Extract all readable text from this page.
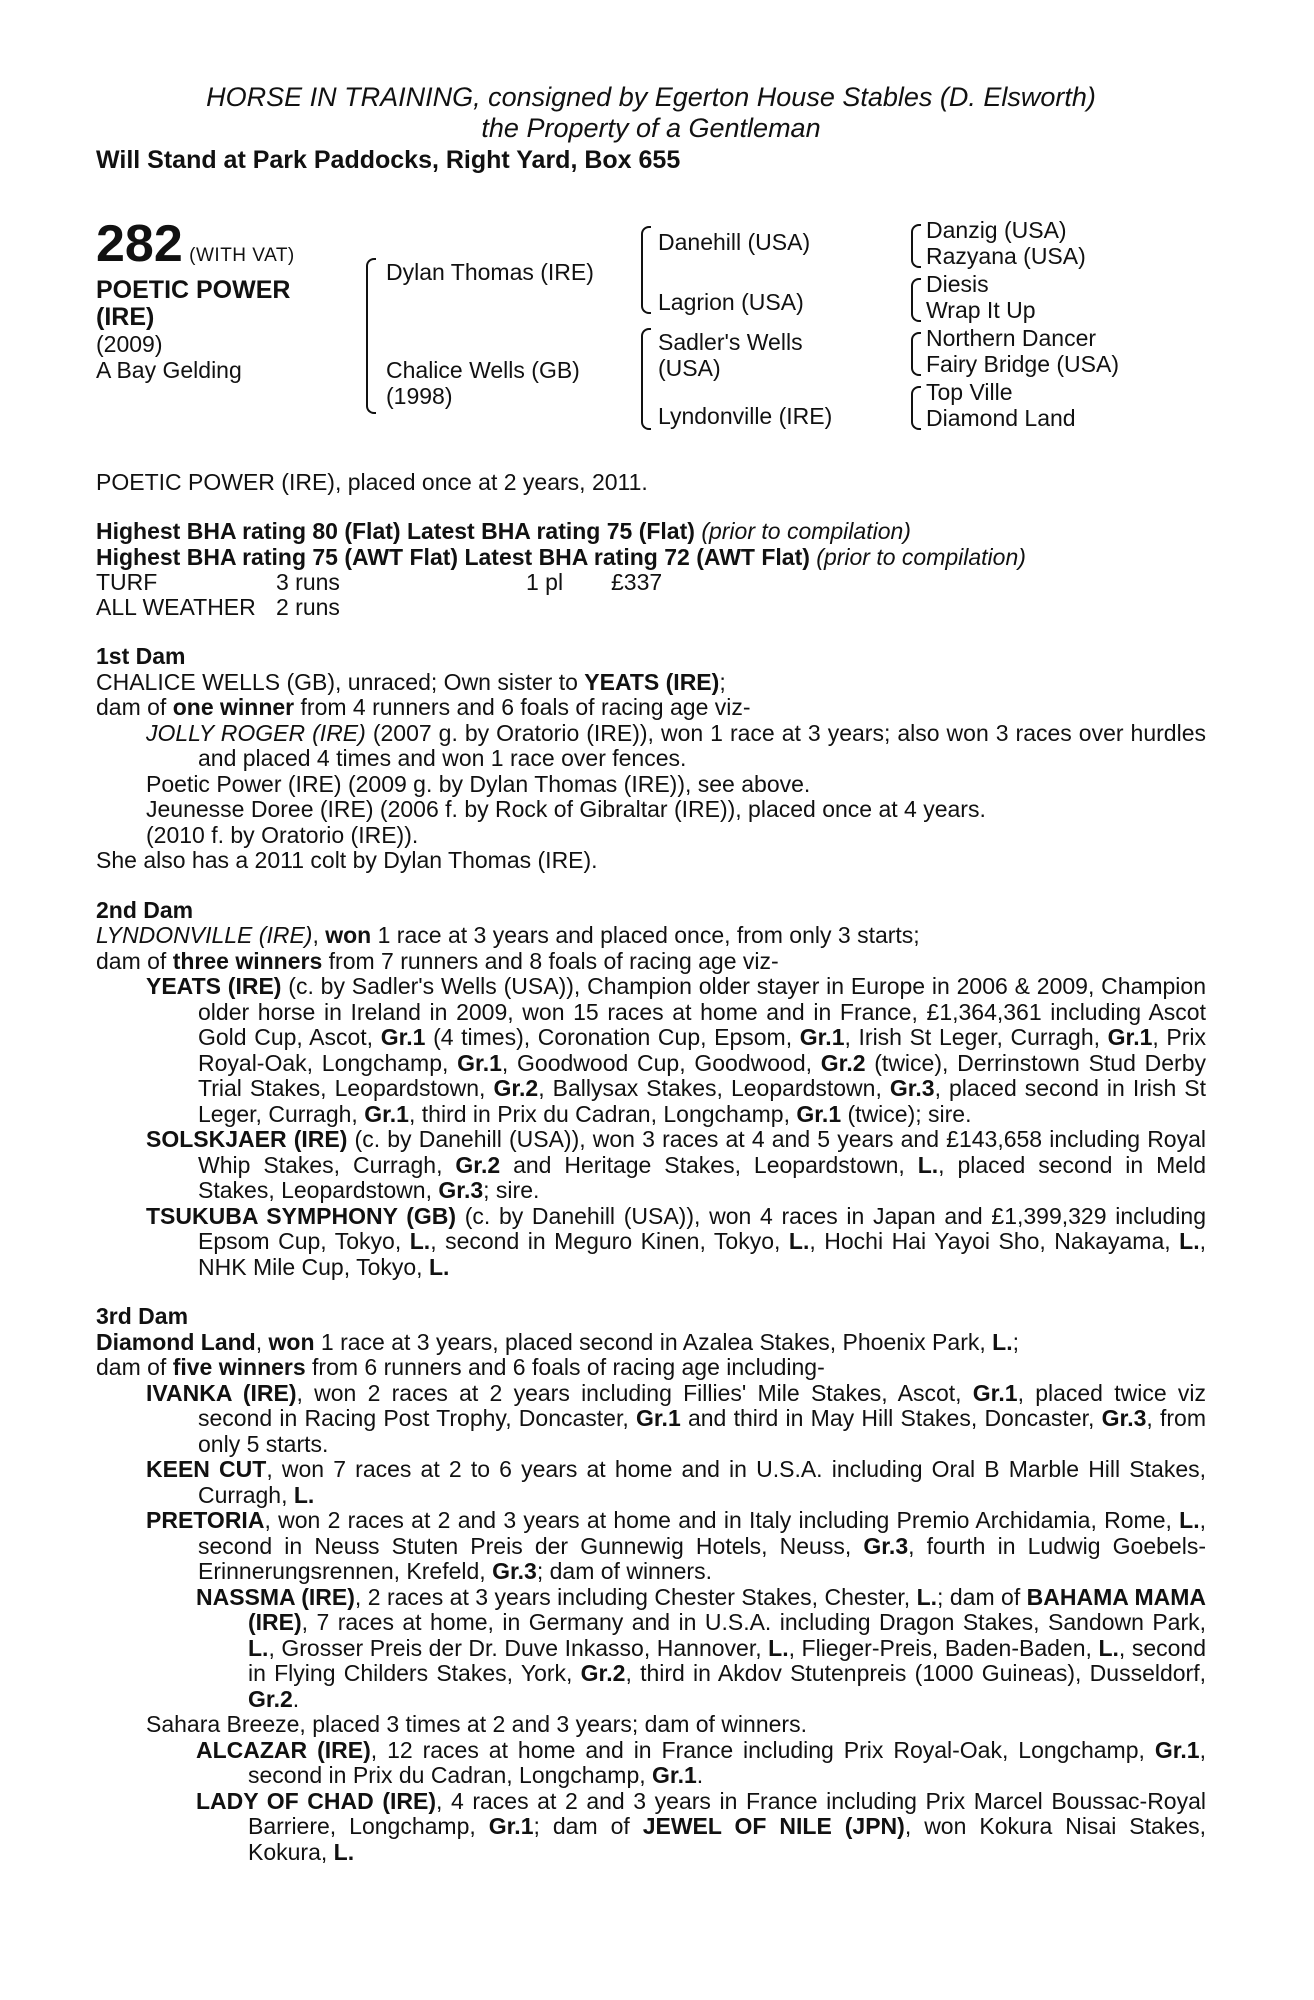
HORSE IN TRAINING, consigned by Egerton House Stables (D. Elsworth)
the Property of a Gentleman
Will Stand at Park Paddocks, Right Yard, Box 655
282 (WITH VAT)
POETIC POWER
(IRE)
(2009)
A Bay Gelding
Dylan Thomas (IRE)
Chalice Wells (GB)
(1998)
Danehill (USA)
Lagrion (USA)
Sadler's Wells
(USA)
Lyndonville (IRE)
Danzig (USA)
Razyana (USA)
Diesis
Wrap It Up
Northern Dancer
Fairy Bridge (USA)
Top Ville
Diamond Land

POETIC POWER (IRE), placed once at 2 years, 2011.

Highest BHA rating 80 (Flat) Latest BHA rating 75 (Flat) (prior to compilation)

Highest BHA rating 75 (AWT Flat) Latest BHA rating 72 (AWT Flat) (prior to compilation)

TURF	3 runs	1 pl	£337
ALL WEATHER	2 runs		
1st Dam

CHALICE WELLS (GB), unraced; Own sister to YEATS (IRE);

dam of one winner from 4 runners and 6 foals of racing age viz-

JOLLY ROGER (IRE) (2007 g. by Oratorio (IRE)), won 1 race at 3 years; also won 3 races over hurdles and placed 4 times and won 1 race over fences.

Poetic Power (IRE) (2009 g. by Dylan Thomas (IRE)), see above.

Jeunesse Doree (IRE) (2006 f. by Rock of Gibraltar (IRE)), placed once at 4 years.

(2010 f. by Oratorio (IRE)).

She also has a 2011 colt by Dylan Thomas (IRE).

2nd Dam

LYNDONVILLE (IRE), won 1 race at 3 years and placed once, from only 3 starts;

dam of three winners from 7 runners and 8 foals of racing age viz-

YEATS (IRE) (c. by Sadler's Wells (USA)), Champion older stayer in Europe in 2006 & 2009, Champion older horse in Ireland in 2009, won 15 races at home and in France, £1,364,361 including Ascot Gold Cup, Ascot, Gr.1 (4 times), Coronation Cup, Epsom, Gr.1, Irish St Leger, Curragh, Gr.1, Prix Royal-Oak, Longchamp, Gr.1, Goodwood Cup, Goodwood, Gr.2 (twice), Derrinstown Stud Derby Trial Stakes, Leopardstown, Gr.2, Ballysax Stakes, Leopardstown, Gr.3, placed second in Irish St Leger, Curragh, Gr.1, third in Prix du Cadran, Longchamp, Gr.1 (twice); sire.

SOLSKJAER (IRE) (c. by Danehill (USA)), won 3 races at 4 and 5 years and £143,658 including Royal Whip Stakes, Curragh, Gr.2 and Heritage Stakes, Leopardstown, L., placed second in Meld Stakes, Leopardstown, Gr.3; sire.

TSUKUBA SYMPHONY (GB) (c. by Danehill (USA)), won 4 races in Japan and £1,399,329 including Epsom Cup, Tokyo, L., second in Meguro Kinen, Tokyo, L., Hochi Hai Yayoi Sho, Nakayama, L., NHK Mile Cup, Tokyo, L.

3rd Dam

Diamond Land, won 1 race at 3 years, placed second in Azalea Stakes, Phoenix Park, L.;

dam of five winners from 6 runners and 6 foals of racing age including-

IVANKA (IRE), won 2 races at 2 years including Fillies' Mile Stakes, Ascot, Gr.1, placed twice viz second in Racing Post Trophy, Doncaster, Gr.1 and third in May Hill Stakes, Doncaster, Gr.3, from only 5 starts.

KEEN CUT, won 7 races at 2 to 6 years at home and in U.S.A. including Oral B Marble Hill Stakes, Curragh, L.

PRETORIA, won 2 races at 2 and 3 years at home and in Italy including Premio Archidamia, Rome, L., second in Neuss Stuten Preis der Gunnewig Hotels, Neuss, Gr.3, fourth in Ludwig Goebels-Erinnerungsrennen, Krefeld, Gr.3; dam of winners.

NASSMA (IRE), 2 races at 3 years including Chester Stakes, Chester, L.; dam of BAHAMA MAMA (IRE), 7 races at home, in Germany and in U.S.A. including Dragon Stakes, Sandown Park, L., Grosser Preis der Dr. Duve Inkasso, Hannover, L., Flieger-Preis, Baden-Baden, L., second in Flying Childers Stakes, York, Gr.2, third in Akdov Stutenpreis (1000 Guineas), Dusseldorf, Gr.2.

Sahara Breeze, placed 3 times at 2 and 3 years; dam of winners.

ALCAZAR (IRE), 12 races at home and in France including Prix Royal-Oak, Longchamp, Gr.1, second in Prix du Cadran, Longchamp, Gr.1.

LADY OF CHAD (IRE), 4 races at 2 and 3 years in France including Prix Marcel Boussac-Royal Barriere, Longchamp, Gr.1; dam of JEWEL OF NILE (JPN), won Kokura Nisai Stakes, Kokura, L.
